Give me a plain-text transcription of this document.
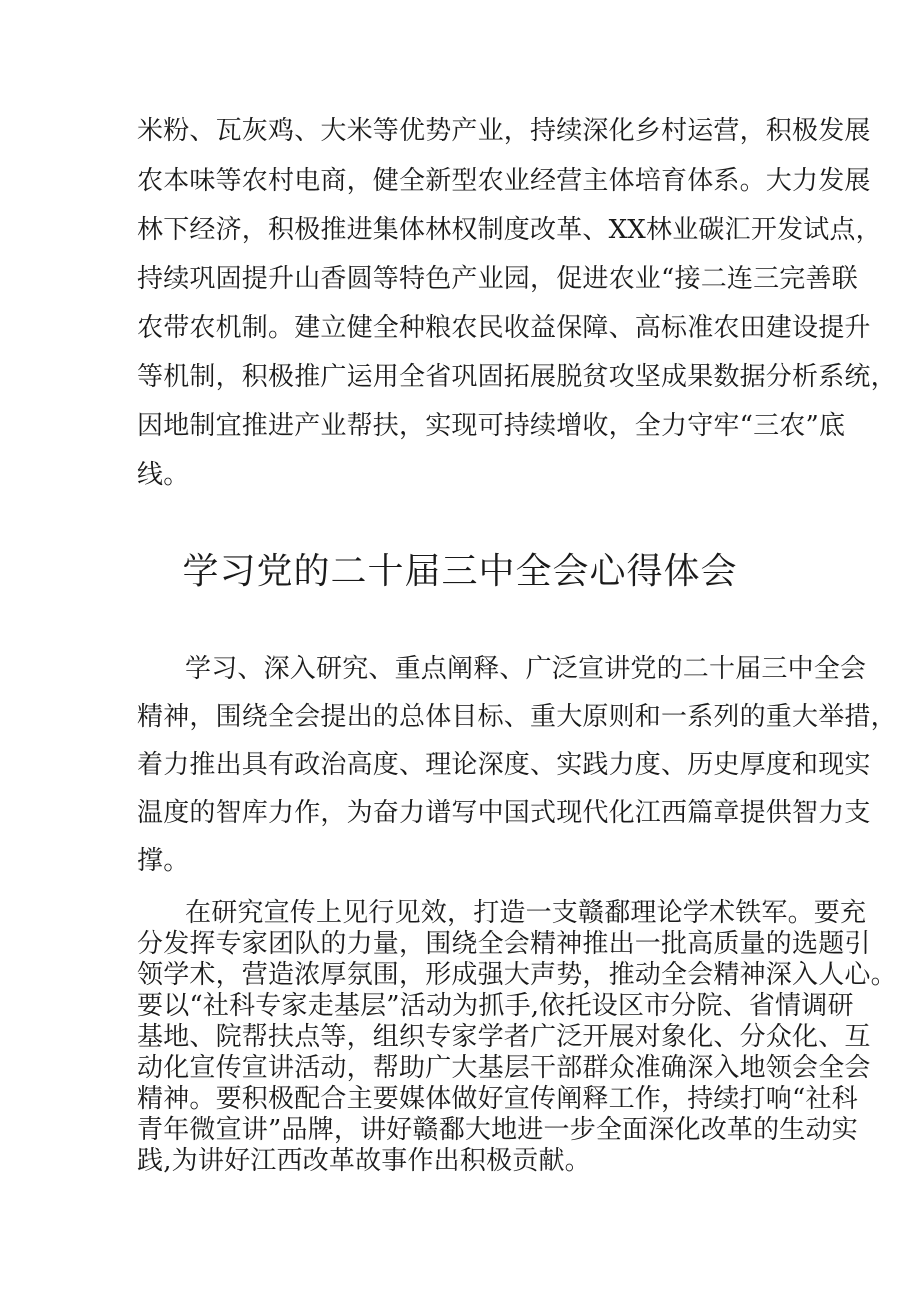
米粉、瓦灰鸡、大米等优势产业，持续深化乡村运营，积极发展
农本味等农村电商，健全新型农业经营主体培育体系。大力发展
林下经济，积极推进集体林权制度改革、XX林业碳汇开发试点，
持续巩固提升山香圆等特色产业园，促进农业“接二连三完善联
农带农机制。建立健全种粮农民收益保障、高标准农田建设提升
等机制，积极推广运用全省巩固拓展脱贫攻坚成果数据分析系统，
因地制宜推进产业帮扶，实现可持续增收，全力守牢“三农”底
线。
学习党的二十届三中全会心得体会
学习、深入研究、重点阐释、广泛宣讲党的二十届三中全会
精神，围绕全会提出的总体目标、重大原则和一系列的重大举措，
着力推出具有政治高度、理论深度、实践力度、历史厚度和现实
温度的智库力作，为奋力谱写中国式现代化江西篇章提供智力支
撑。
在研究宣传上见行见效，打造一支赣鄱理论学术铁军。要充
分发挥专家团队的力量，围绕全会精神推出一批高质量的选题引
领学术，营造浓厚氛围，形成强大声势，推动全会精神深入人心。
要以“社科专家走基层”活动为抓手,依托设区市分院、省情调研
基地、院帮扶点等，组织专家学者广泛开展对象化、分众化、互
动化宣传宣讲活动，帮助广大基层干部群众准确深入地领会全会
精神。要积极配合主要媒体做好宣传阐释工作，持续打响“社科
青年微宣讲”品牌，讲好赣鄱大地进一步全面深化改革的生动实
践,为讲好江西改革故事作出积极贡献。
